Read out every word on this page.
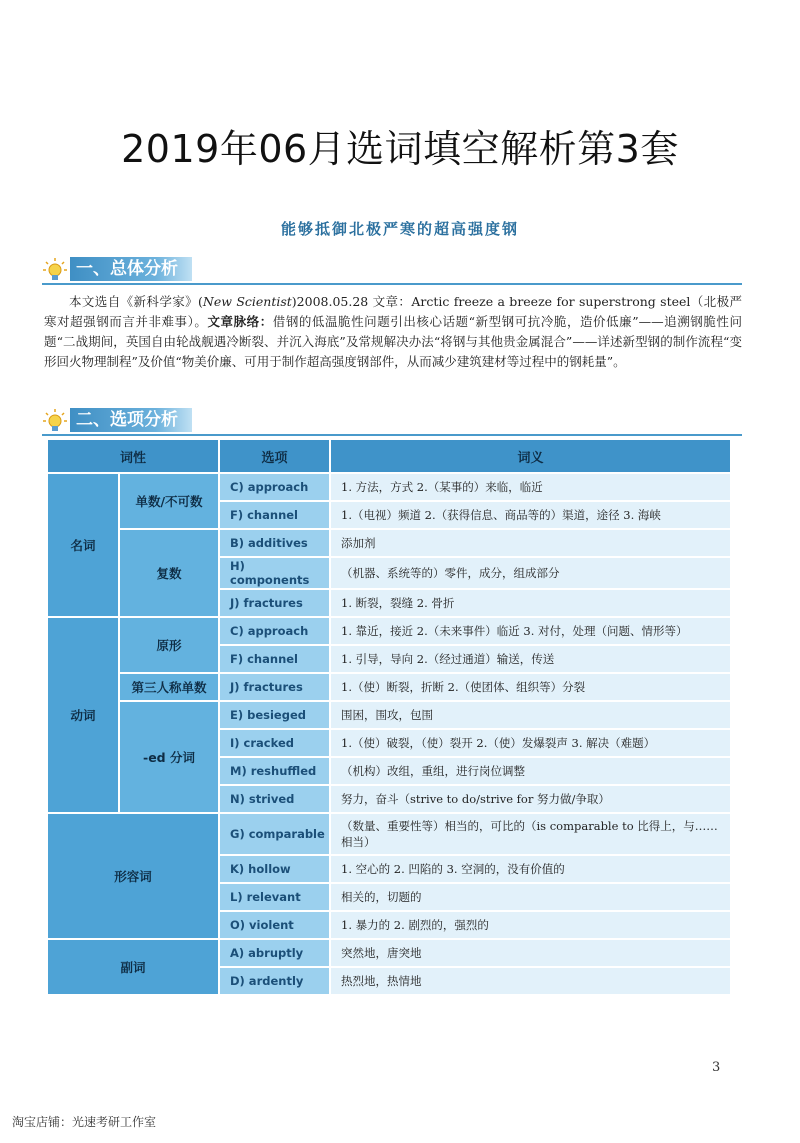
2019年06月选词填空解析第3套
能够抵御北极严寒的超高强度钢
一、总体分析
本文选自《新科学家》(New Scientist)2008.05.28 文章：Arctic freeze a breeze for superstrong steel（北极严寒对超强钢而言并非难事）。文章脉络：借钢的低温脆性问题引出核心话题“新型钢可抗冷脆，造价低廉”——追溯钢脆性问题“二战期间，英国自由轮战舰遇冷断裂、并沉入海底”及常规解决办法“将钢与其他贵金属混合”——详述新型钢的制作流程“变形回火物理制程”及价值“物美价廉、可用于制作超高强度钢部件，从而减少建筑建材等过程中的钢耗量”。
二、选项分析
词性		选项	词义
名词	单数/不可数	C) approach	1. 方法，方式 2.（某事的）来临，临近
		F) channel	1.（电视）频道 2.（获得信息、商品等的）渠道，途径 3. 海峡
	复数	B) additives	添加剂
		H) components	（机器、系统等的）零件，成分，组成部分
		J) fractures	1. 断裂，裂缝 2. 骨折
动词	原形	C) approach	1. 靠近，接近 2.（未来事件）临近 3. 对付，处理（问题、情形等）
		F) channel	1. 引导，导向 2.（经过通道）输送，传送
	第三人称单数	J) fractures	1.（使）断裂，折断 2.（使团体、组织等）分裂
	-ed 分词	E) besieged	围困，围攻，包围
		I) cracked	1.（使）破裂，（使）裂开 2.（使）发爆裂声 3. 解决（难题）
		M) reshuffled	（机构）改组，重组，进行岗位调整
		N) strived	努力，奋斗（strive to do/strive for 努力做/争取）
形容词		G) comparable	（数量、重要性等）相当的，可比的（is comparable to 比得上，与……相当）
		K) hollow	1. 空心的 2. 凹陷的 3. 空洞的，没有价值的
		L) relevant	相关的，切题的
		O) violent	1. 暴力的 2. 剧烈的，强烈的
副词		A) abruptly	突然地，唐突地
		D) ardently	热烈地，热情地
3
淘宝店铺：光速考研工作室
